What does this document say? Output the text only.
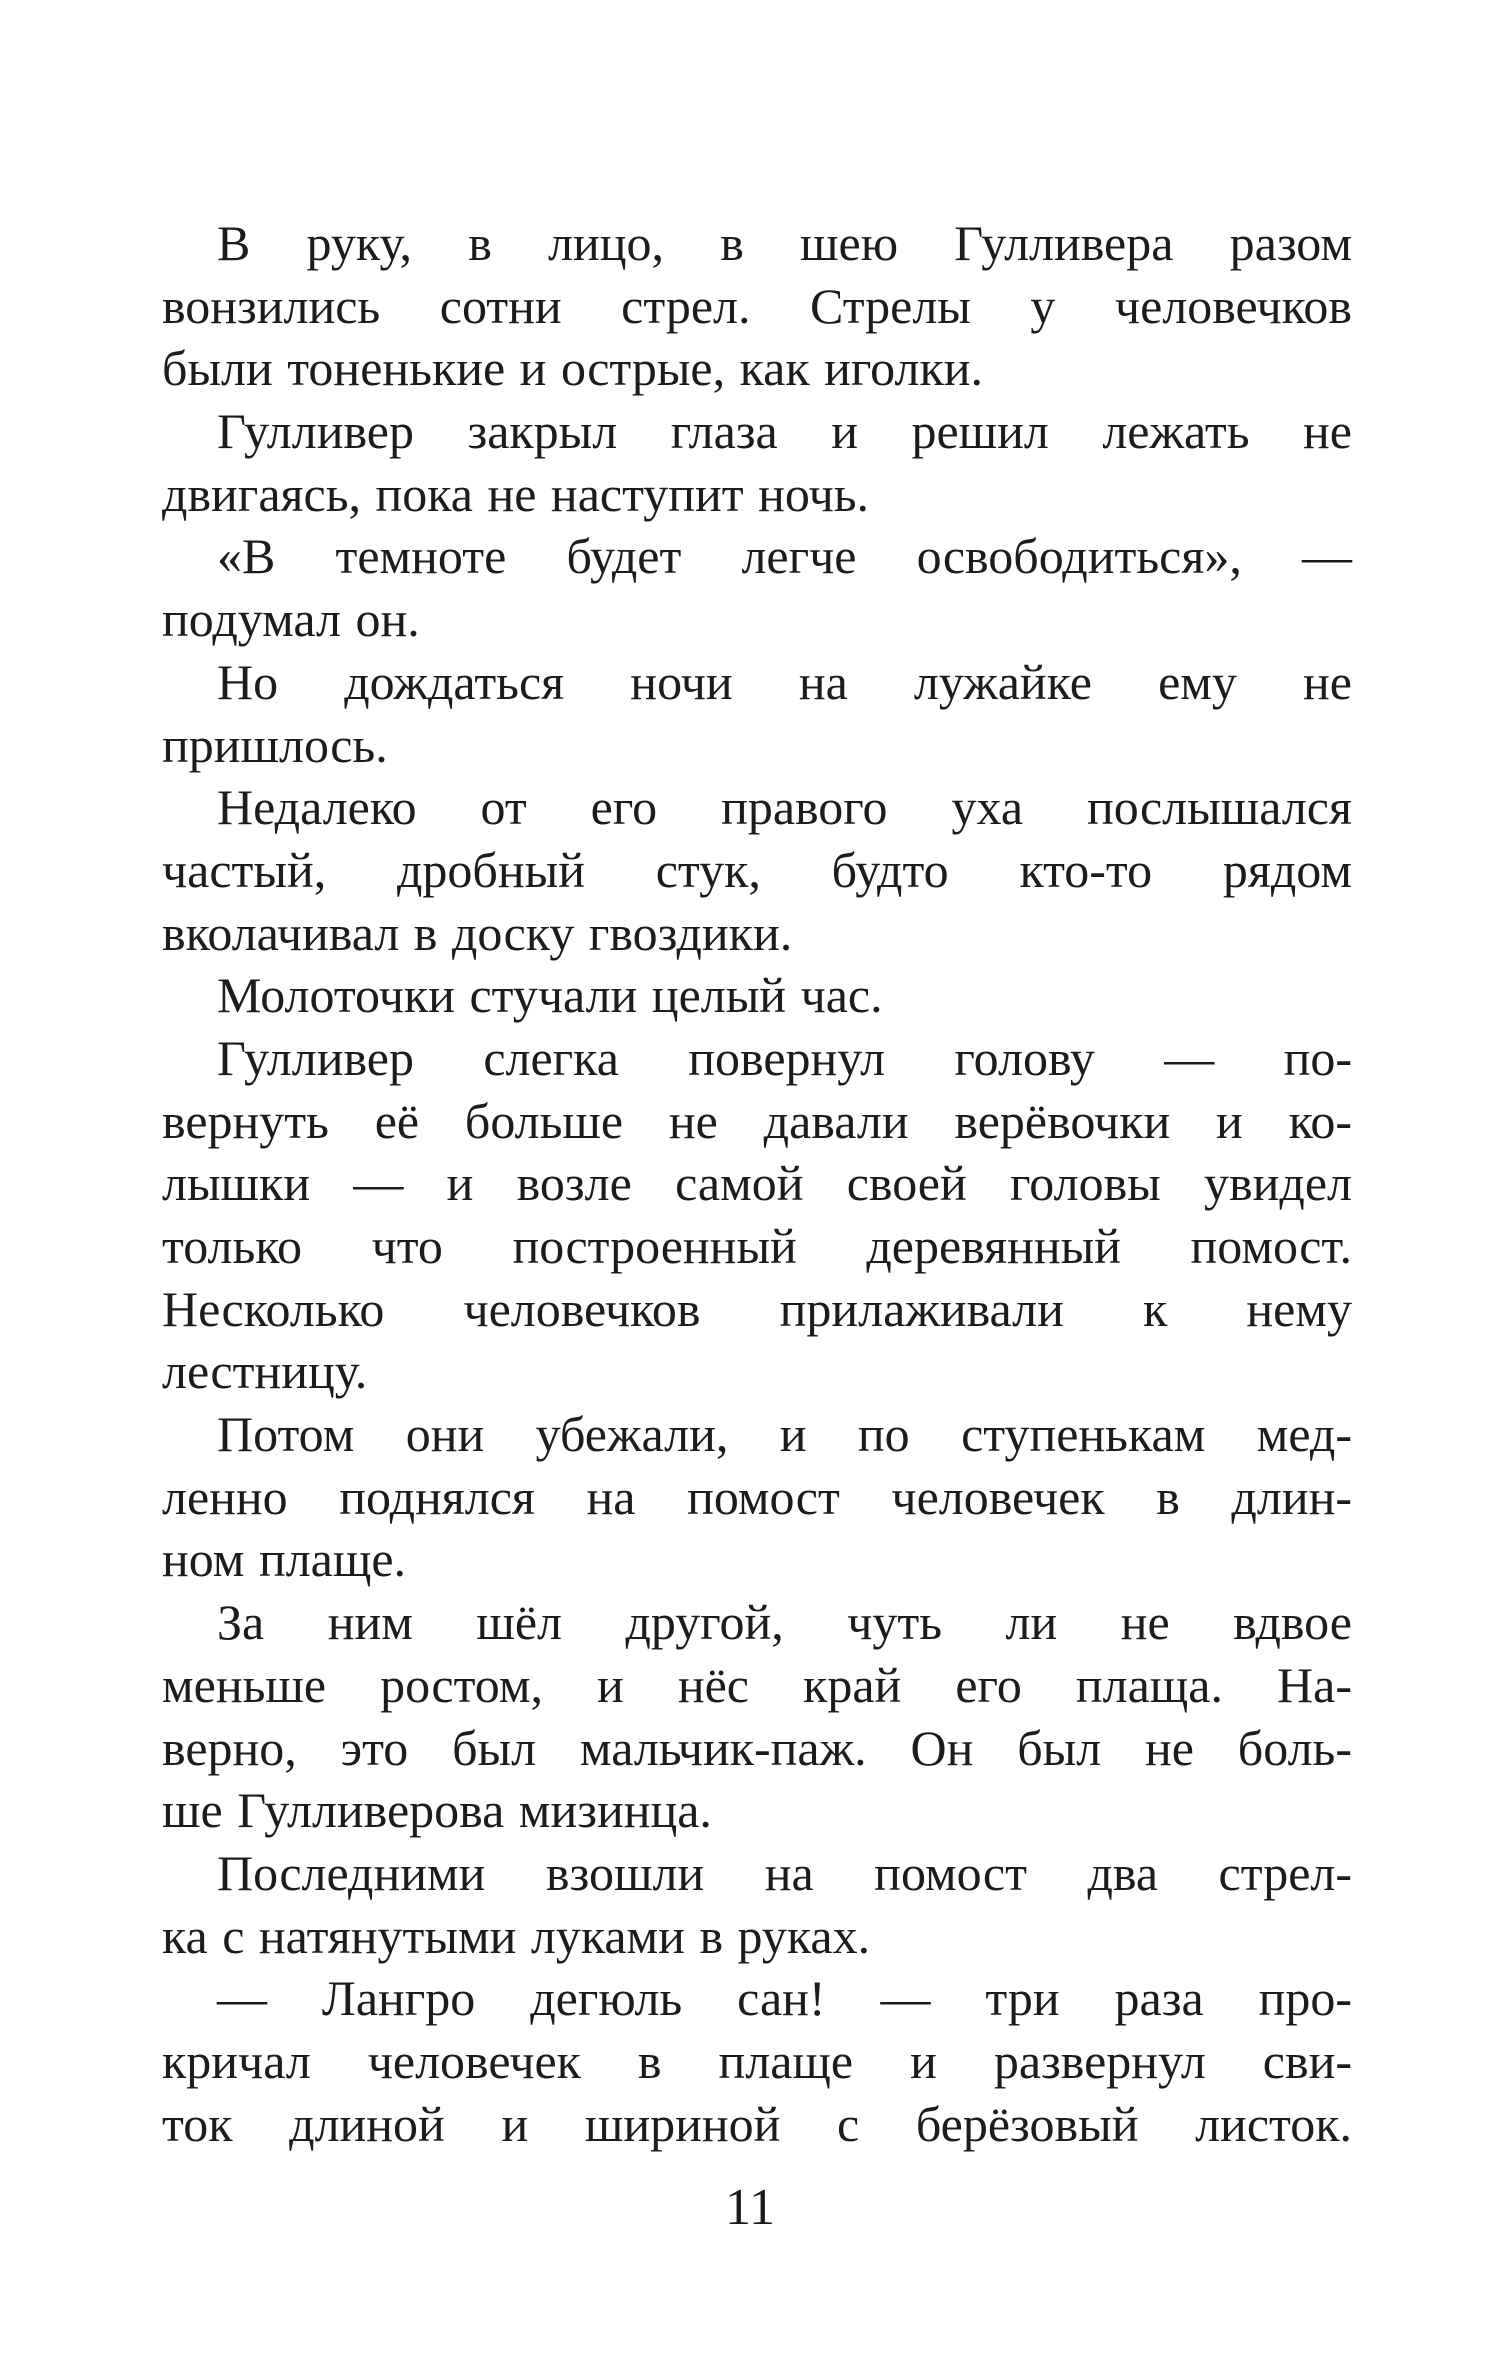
В руку, в лицо, в шею Гулливера разом
вонзились сотни стрел. Стрелы у человечков
были тоненькие и острые, как иголки.
Гулливер закрыл глаза и решил лежать не
двигаясь, пока не наступит ночь.
«В темноте будет легче освободиться», —
подумал он.
Но дождаться ночи на лужайке ему не
пришлось.
Недалеко от его правого уха послышался
частый, дробный стук, будто кто-то рядом
вколачивал в доску гвоздики.
Молоточки стучали целый час.
Гулливер слегка повернул голову — по-
вернуть её больше не давали верёвочки и ко-
лышки — и возле самой своей головы увидел
только что построенный деревянный помост.
Несколько человечков прилаживали к нему
лестницу.
Потом они убежали, и по ступенькам мед-
ленно поднялся на помост человечек в длин-
ном плаще.
За ним шёл другой, чуть ли не вдвое
меньше ростом, и нёс край его плаща. На-
верно, это был мальчик-паж. Он был не боль-
ше Гулливерова мизинца.
Последними взошли на помост два стрел-
ка с натянутыми луками в руках.
— Лангро дегюль сан! — три раза про-
кричал человечек в плаще и развернул сви-
ток длиной и шириной с берёзовый листок.
11
